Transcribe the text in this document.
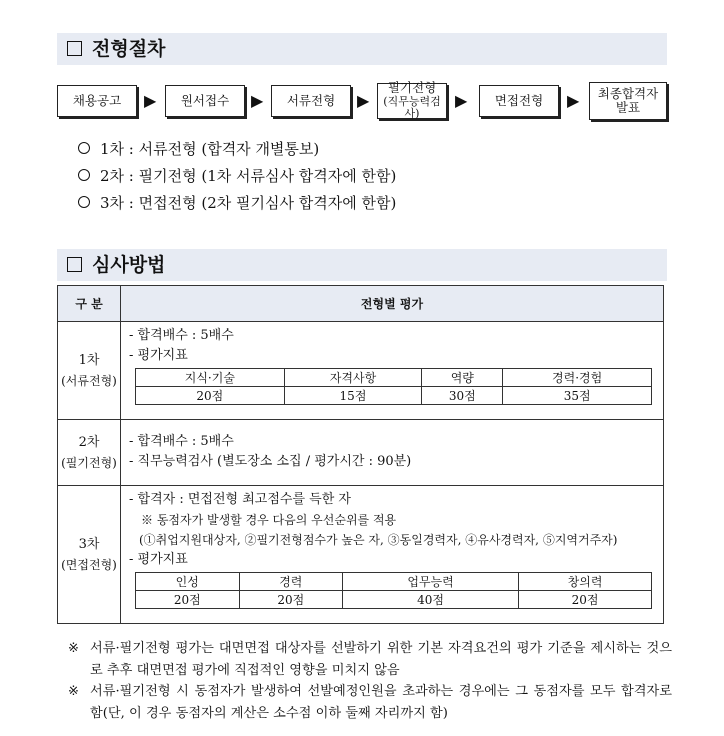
전형절차
채용공고 ▶ 원서접수 ▶ 서류전형 ▶
필기전형
(직무능력검사)
▶ 면접전형 ▶ 최종합격자
발표
1차 : 서류전형 (합격자 개별통보)
2차 : 필기전형 (1차 서류심사 합격자에 한함)
3차 : 면접전형 (2차 필기심사 합격자에 한함)
심사방법
구 분	전형별 평가

1차
(서류전형)

- 합격배수 : 5배수
- 평가지표
지식·기술	자격사항	역량	경력·경험
20점	15점	30점	35점

2차
(필기전형)

- 합격배수 : 5배수
- 직무능력검사 (별도장소 소집 / 평가시간 : 90분)

3차
(면접전형)

- 합격자 : 면접전형 최고점수를 득한 자
※ 동점자가 발생할 경우 다음의 우선순위를 적용
(①취업지원대상자, ②필기전형점수가 높은 자, ③동일경력자, ④유사경력자, ⑤지역거주자)
- 평가지표
인성	경력	업무능력	창의력
20점	20점	40점	20점
※ 서류·필기전형 평가는 대면면접 대상자를 선발하기 위한 기본 자격요건의 평가 기준을 제시하는 것으로 추후 대면면접 평가에 직접적인 영향을 미치지 않음
※ 서류·필기전형 시 동점자가 발생하여 선발예정인원을 초과하는 경우에는 그 동점자를 모두 합격자로 함(단, 이 경우 동점자의 계산은 소수점 이하 둘째 자리까지 함)
